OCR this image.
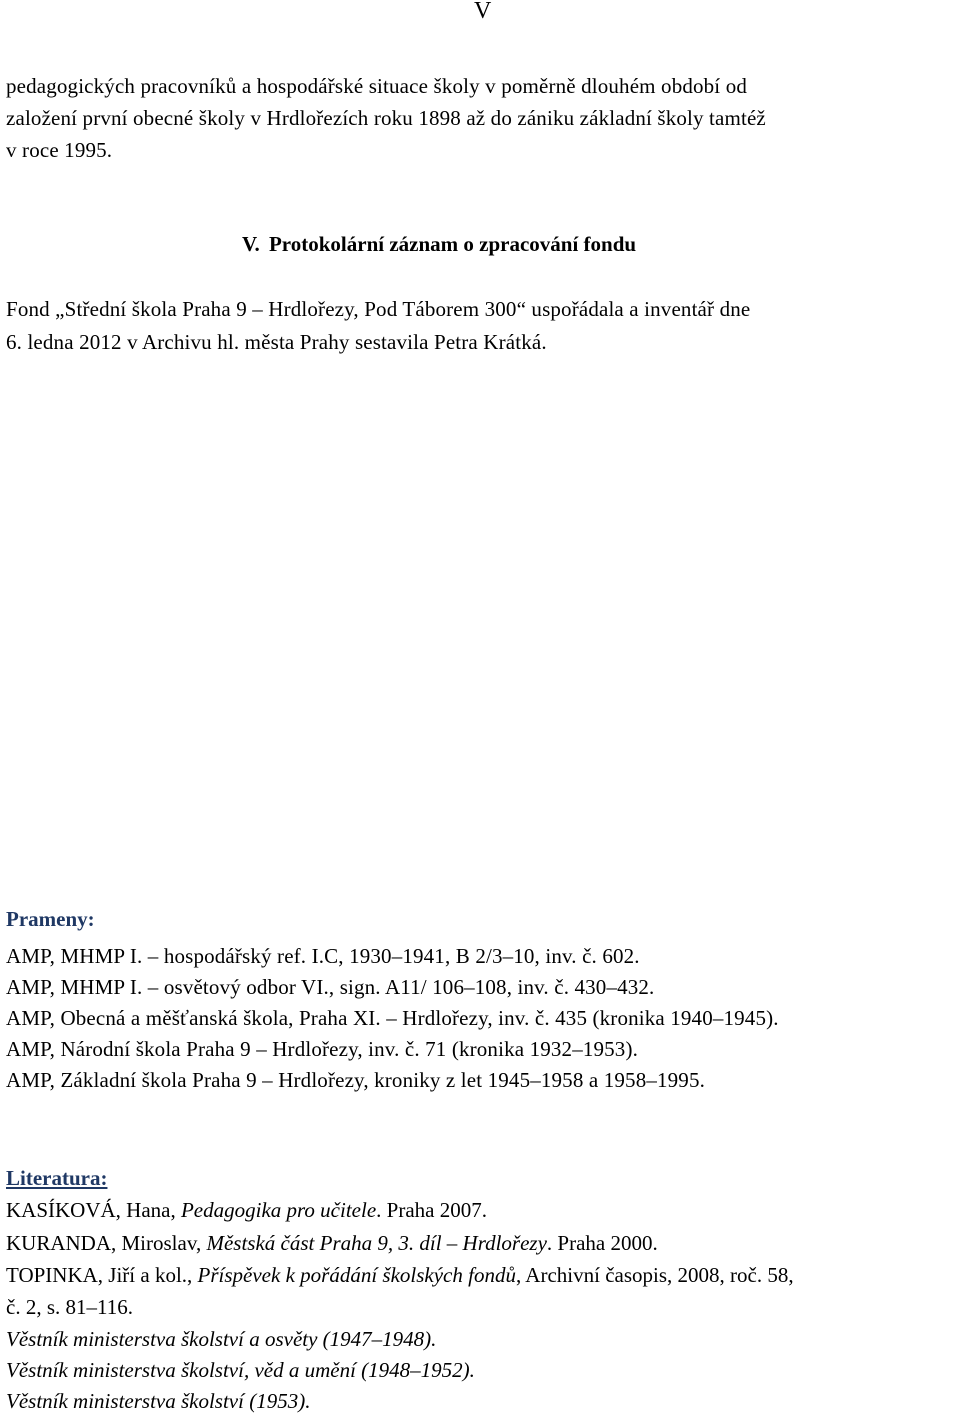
V
pedagogických pracovníků a hospodářské situace školy v poměrně dlouhém období od
založení první obecné školy v Hrdlořezích roku 1898 až do zániku základní školy tamtéž
v roce 1995.
V. Protokolární záznam o zpracování fondu
Fond „Střední škola Praha 9 – Hrdlořezy, Pod Táborem 300“ uspořádala a inventář dne
6. ledna 2012 v Archivu hl. města Prahy sestavila Petra Krátká.
Prameny:
AMP, MHMP I. – hospodářský ref. I.C, 1930–1941, B 2/3–10, inv. č. 602.
AMP, MHMP I. – osvětový odbor VI., sign. A11/ 106–108, inv. č. 430–432.
AMP, Obecná a měšťanská škola, Praha XI. – Hrdlořezy, inv. č. 435 (kronika 1940–1945).
AMP, Národní škola Praha 9 – Hrdlořezy, inv. č. 71 (kronika 1932–1953).
AMP, Základní škola Praha 9 – Hrdlořezy, kroniky z let 1945–1958 a 1958–1995.
Literatura:
KASÍKOVÁ, Hana, Pedagogika pro učitele. Praha 2007.
KURANDA, Miroslav, Městská část Praha 9, 3. díl – Hrdlořezy. Praha 2000.
TOPINKA, Jiří a kol., Příspěvek k pořádání školských fondů, Archivní časopis, 2008, roč. 58,
č. 2, s. 81–116.
Věstník ministerstva školství a osvěty (1947–1948).
Věstník ministerstva školství, věd a umění (1948–1952).
Věstník ministerstva školství (1953).
